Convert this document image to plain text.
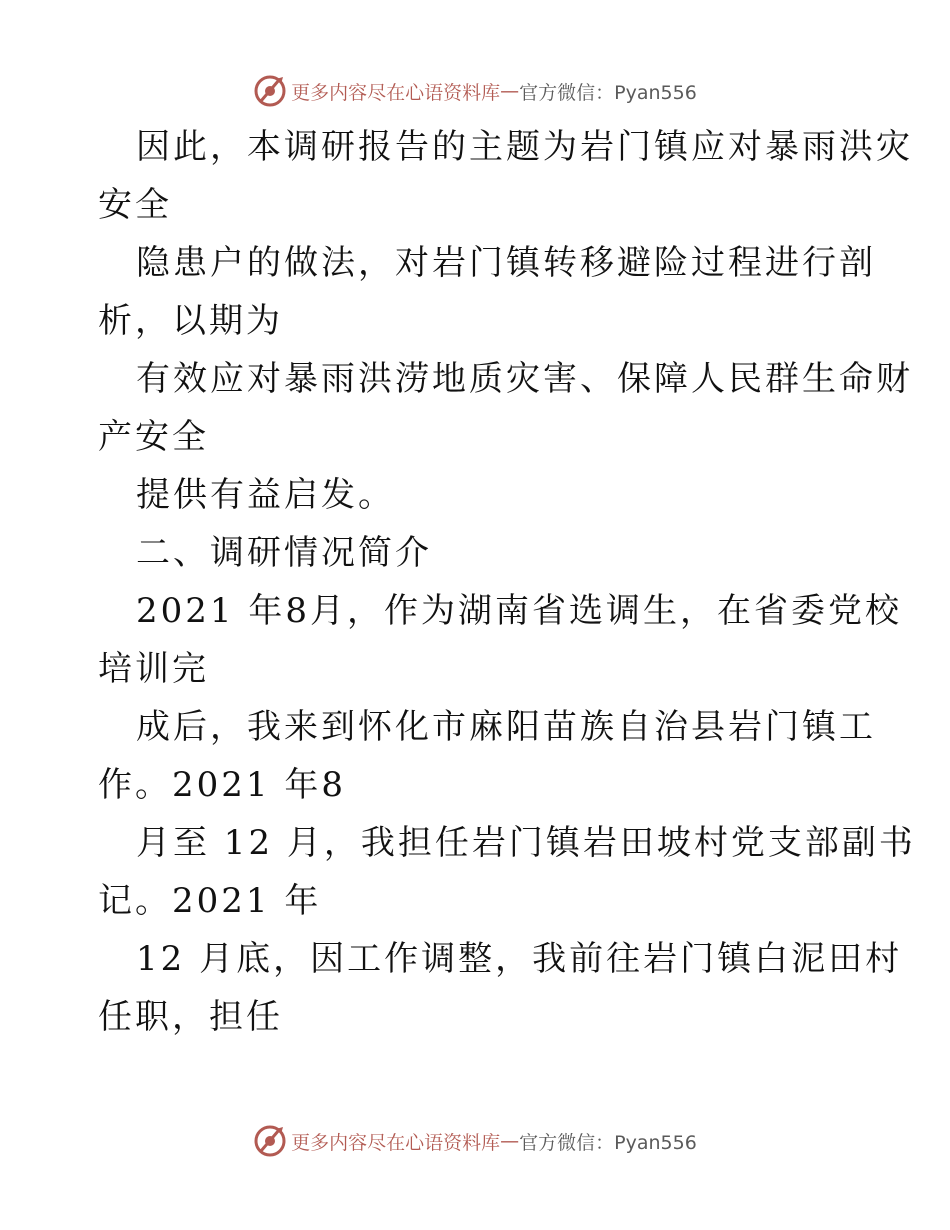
更多内容尽在心语资料库 — 官方微信：Pyan556
因此，本调研报告的主题为岩门镇应对暴雨洪灾
安全
隐患户的做法，对岩门镇转移避险过程进行剖
析，以期为
有效应对暴雨洪涝地质灾害、保障人民群生命财
产安全
提供有益启发。
二、调研情况简介
2021 年8月，作为湖南省选调生，在省委党校
培训完
成后，我来到怀化市麻阳苗族自治县岩门镇工
作。2021 年8
月至 12 月，我担任岩门镇岩田坡村党支部副书
记。2021 年
12 月底，因工作调整，我前往岩门镇白泥田村
任职，担任
更多内容尽在心语资料库 — 官方微信：Pyan556
